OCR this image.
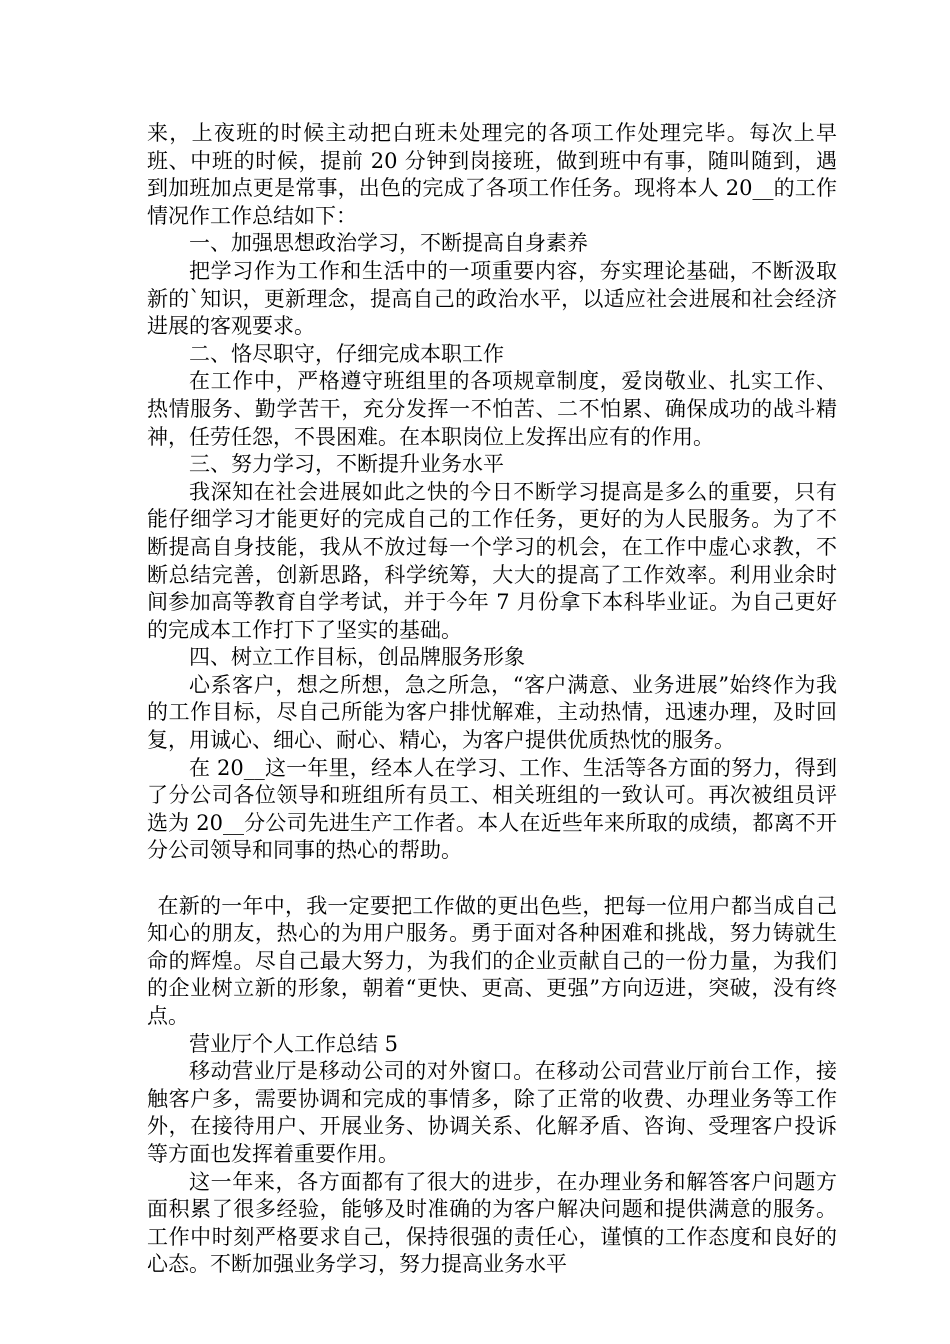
来，上夜班的时候主动把白班未处理完的各项工作处理完毕。每次上早班、中班的时候，提前 20 分钟到岗接班，做到班中有事，随叫随到，遇到加班加点更是常事，出色的完成了各项工作任务。现将本人 20__的工作情况作工作总结如下：

一、加强思想政治学习，不断提高自身素养

把学习作为工作和生活中的一项重要内容，夯实理论基础，不断汲取新的`知识，更新理念，提高自己的政治水平，以适应社会进展和社会经济进展的客观要求。

二、恪尽职守，仔细完成本职工作

在工作中，严格遵守班组里的各项规章制度，爱岗敬业、扎实工作、热情服务、勤学苦干，充分发挥一不怕苦、二不怕累、确保成功的战斗精神，任劳任怨，不畏困难。在本职岗位上发挥出应有的作用。

三、努力学习，不断提升业务水平

我深知在社会进展如此之快的今日不断学习提高是多么的重要，只有能仔细学习才能更好的完成自己的工作任务，更好的为人民服务。为了不断提高自身技能，我从不放过每一个学习的机会，在工作中虚心求教，不断总结完善，创新思路，科学统筹，大大的提高了工作效率。利用业余时间参加高等教育自学考试，并于今年 7 月份拿下本科毕业证。为自己更好的完成本工作打下了坚实的基础。

四、树立工作目标，创品牌服务形象

心系客户，想之所想，急之所急，“客户满意、业务进展”始终作为我的工作目标，尽自己所能为客户排忧解难，主动热情，迅速办理，及时回复，用诚心、细心、耐心、精心，为客户提供优质热忱的服务。

在 20__这一年里，经本人在学习、工作、生活等各方面的努力，得到了分公司各位领导和班组所有员工、相关班组的一致认可。再次被组员评选为 20__分公司先进生产工作者。本人在近些年来所取的成绩，都离不开分公司领导和同事的热心的帮助。

在新的一年中，我一定要把工作做的更出色些，把每一位用户都当成自己知心的朋友，热心的为用户服务。勇于面对各种困难和挑战，努力铸就生命的辉煌。尽自己最大努力，为我们的企业贡献自己的一份力量，为我们的企业树立新的形象，朝着“更快、更高、更强”方向迈进，突破，没有终点。

营业厅个人工作总结 5

移动营业厅是移动公司的对外窗口。在移动公司营业厅前台工作，接触客户多，需要协调和完成的事情多，除了正常的收费、办理业务等工作外，在接待用户、开展业务、协调关系、化解矛盾、咨询、受理客户投诉等方面也发挥着重要作用。

这一年来，各方面都有了很大的进步，在办理业务和解答客户问题方面积累了很多经验，能够及时准确的为客户解决问题和提供满意的服务。工作中时刻严格要求自己，保持很强的责任心，谨慎的工作态度和良好的心态。不断加强业务学习，努力提高业务水平
